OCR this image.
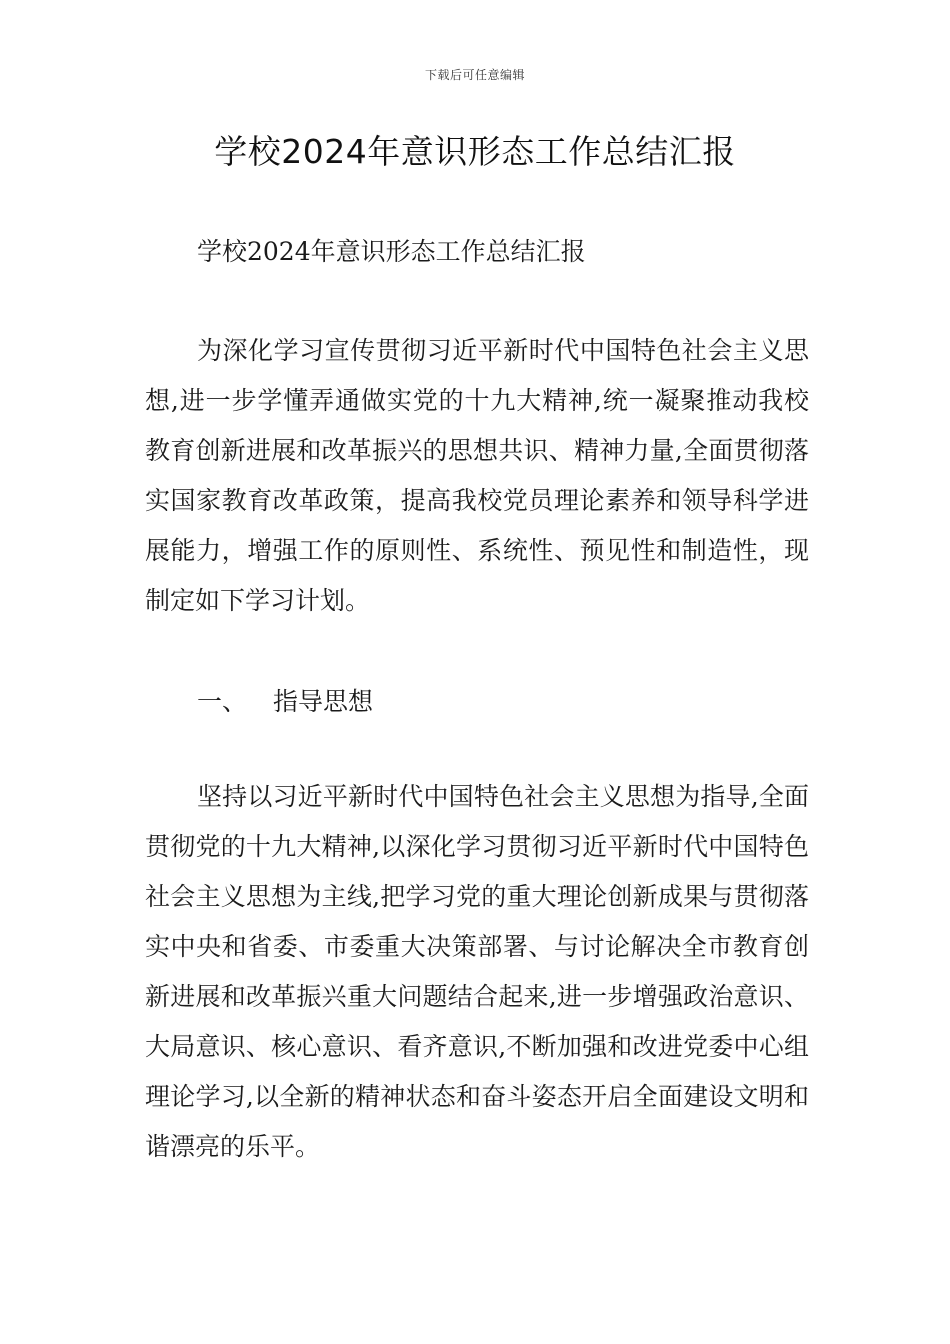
下载后可任意编辑
学校2024年意识形态工作总结汇报

学校2024年意识形态工作总结汇报

为深化学习宣传贯彻习近平新时代中国特色社会主义思想,进一步学懂弄通做实党的十九大精神,统一凝聚推动我校教育创新进展和改革振兴的思想共识、精神力量,全面贯彻落实国家教育改革政策，提高我校党员理论素养和领导科学进展能力，增强工作的原则性、系统性、预见性和制造性，现制定如下学习计划。

一、 指导思想

坚持以习近平新时代中国特色社会主义思想为指导,全面贯彻党的十九大精神,以深化学习贯彻习近平新时代中国特色社会主义思想为主线,把学习党的重大理论创新成果与贯彻落实中央和省委、市委重大决策部署、与讨论解决全市教育创新进展和改革振兴重大问题结合起来,进一步增强政治意识、大局意识、核心意识、看齐意识,不断加强和改进党委中心组理论学习,以全新的精神状态和奋斗姿态开启全面建设文明和谐漂亮的乐平。
